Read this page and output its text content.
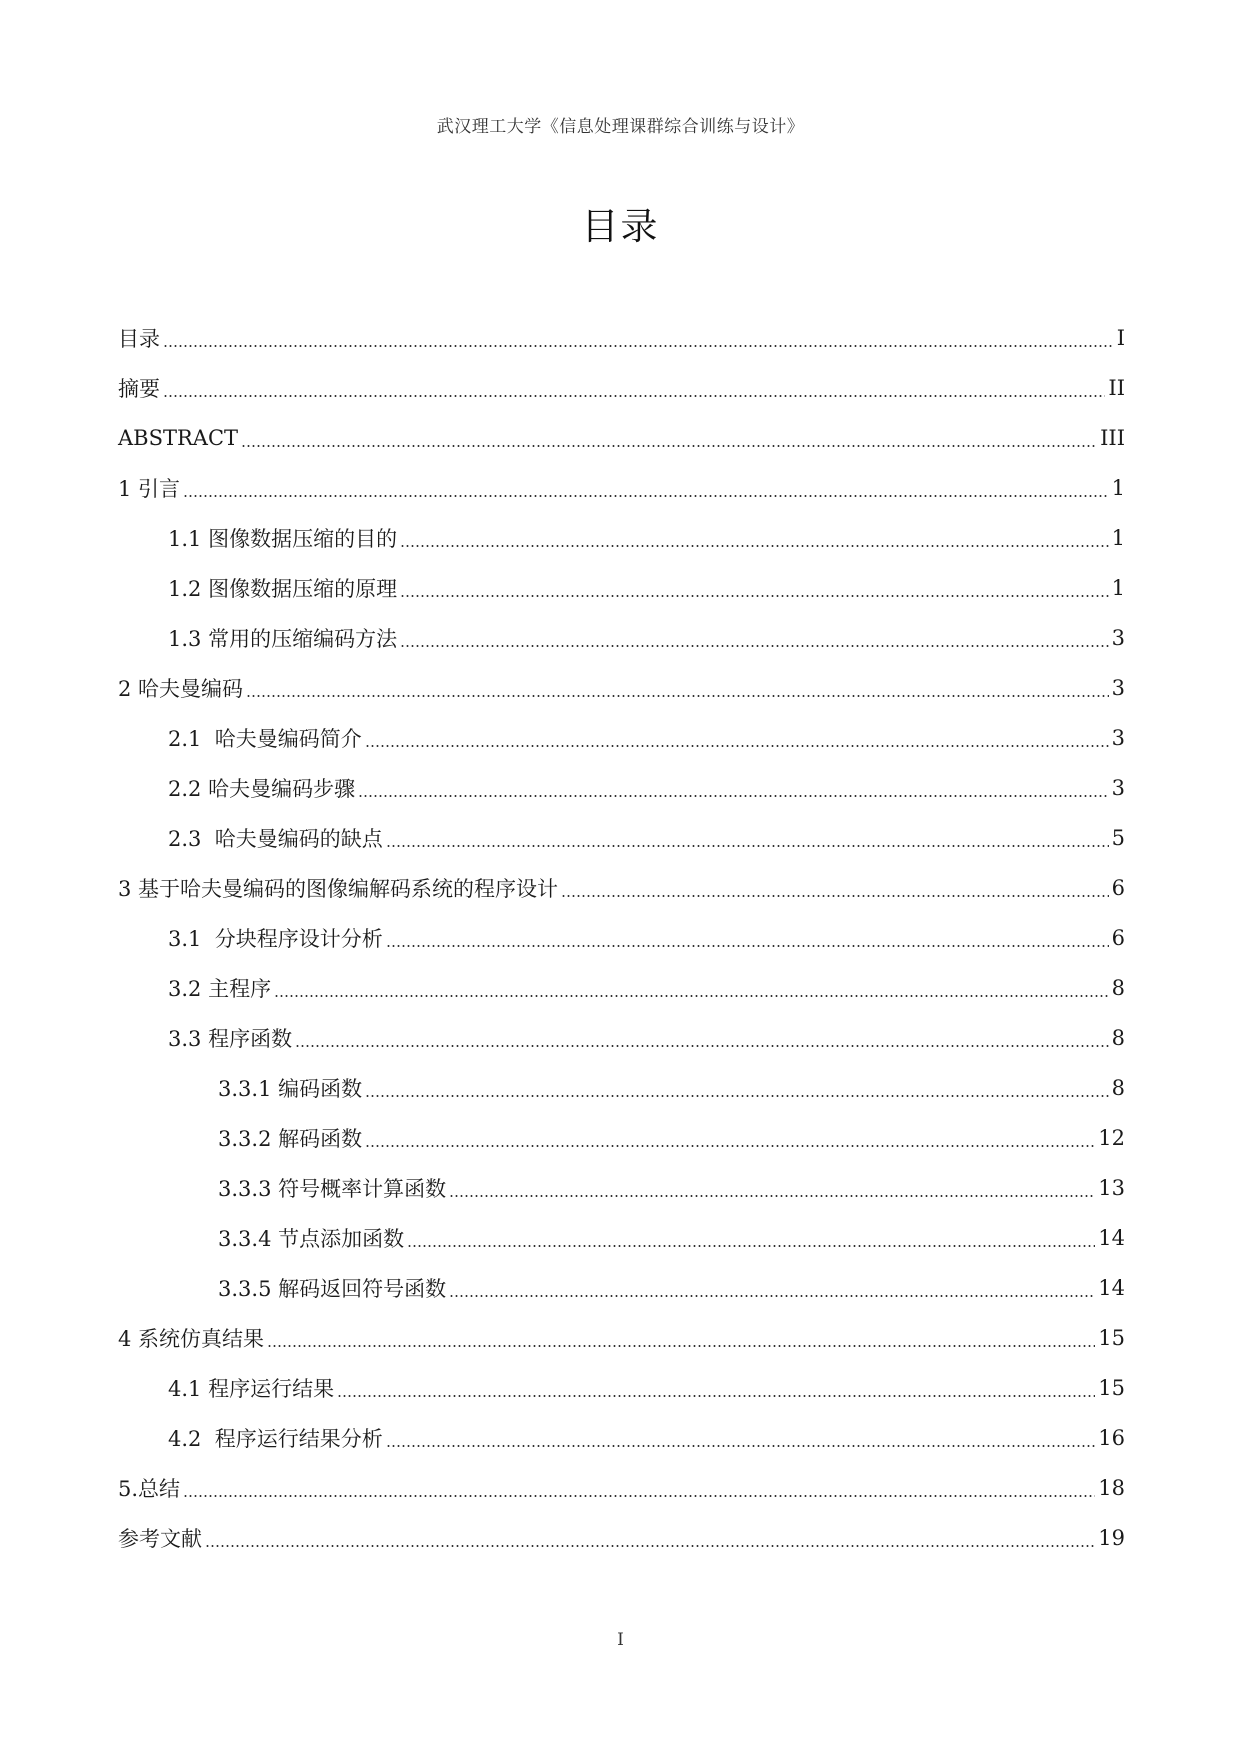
武汉理工大学《信息处理课群综合训练与设计》
目录
目录	I
摘要	II
ABSTRACT	III
1 引言	1
1.1 图像数据压缩的目的	1
1.2 图像数据压缩的原理	1
1.3 常用的压缩编码方法	3
2 哈夫曼编码	3
2.1  哈夫曼编码简介	3
2.2 哈夫曼编码步骤	3
2.3  哈夫曼编码的缺点	5
3 基于哈夫曼编码的图像编解码系统的程序设计	6
3.1  分块程序设计分析	6
3.2 主程序	8
3.3 程序函数	8
3.3.1 编码函数	8
3.3.2 解码函数	12
3.3.3 符号概率计算函数	13
3.3.4 节点添加函数	14
3.3.5 解码返回符号函数	14
4 系统仿真结果	15
4.1 程序运行结果	15
4.2  程序运行结果分析	16
5.总结	18
参考文献	19
I
